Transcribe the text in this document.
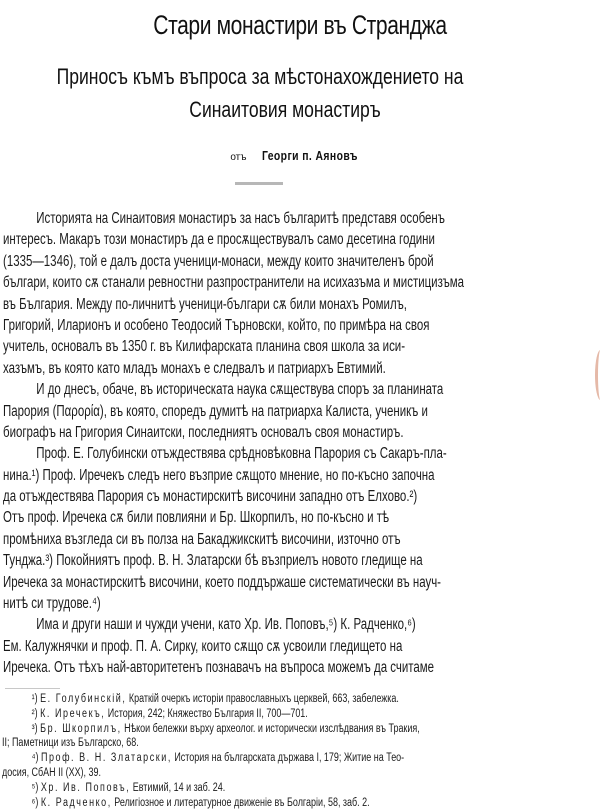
Стари монастири въ Странджа
Приносъ къмъ въпроса за мѣстонахождението на
Синаитовия монастиръ
отъ Георги п. Аяновъ
Историята на Синаитовия монастиръ за насъ българитѣ представя особенъ
интересъ. Макаръ този монастиръ да е просѫществувалъ само десетина години
(1335—1346), той е далъ доста ученици-монаси, между които значителенъ брой
българи, които сѫ станали ревностни разпространители на исихазъма и мистицизъма
въ България. Между по-личнитѣ ученици-българи сѫ били монахъ Ромилъ,
Григорий, Иларионъ и особено Теодосий Търновски, който, по примѣра на своя
учитель, основалъ въ 1350 г. въ Килифарската планина своя школа за иси-
хазъмъ, въ която като младъ монахъ е следвалъ и патриархъ Евтимий.
И до днесъ, обаче, въ историческата наука сѫществува споръ за планината
Парория (Παρορία), въ която, споредъ думитѣ на патриарха Калиста, ученикъ и
биографъ на Григория Синаитски, последниятъ основалъ своя монастиръ.
Проф. Е. Голубински отъждествява срѣдновѣковна Парория съ Сакаръ-пла-
нина.¹) Проф. Иречекъ следъ него възприе сѫщото мнение, но по-късно започна
да отъждествява Парория съ монастирскитѣ височини западно отъ Елхово.²)
Отъ проф. Иречека сѫ били повлияни и Бр. Шкорпилъ, но по-късно и тѣ
промѣниха възгледа си въ полза на Бакаджикскитѣ височини, източно отъ
Тунджа.³) Покойниятъ проф. В. Н. Златарски бѣ възприелъ новото гледище на
Иречека за монастирскитѣ височини, което поддържаше систематически въ науч-
нитѣ си трудове.⁴)
Има и други наши и чужди учени, като Хр. Ив. Поповъ,⁵) К. Радченко,⁶)
Ем. Калужнячки и проф. П. А. Сирку, които сѫщо сѫ усвоили гледището на
Иречека. Отъ тѣхъ най-авторитетенъ познавачъ на въпроса можемъ да считаме
¹) Е. Голубинскій, Краткій очеркъ исторіи православныхъ церквей, 663, забележка.
²) К. Иречекъ, История, 242; Княжество България II, 700—701.
³) Бр. Шкорпилъ, Нѣкои бележки върху археолог. и исторически изслѣдвания въ Тракия,
II; Паметници изъ Българско, 68.
⁴) Проф. В. Н. Златарски, История на българската държава I, 179; Житие на Тео-
досия, СбАН II (XX), 39.
⁵) Хр. Ив. Поповъ, Евтимий, 14 и заб. 24.
⁶) К. Радченко, Религіозное и литературное движеніе въ Болгаріи, 58, заб. 2.
